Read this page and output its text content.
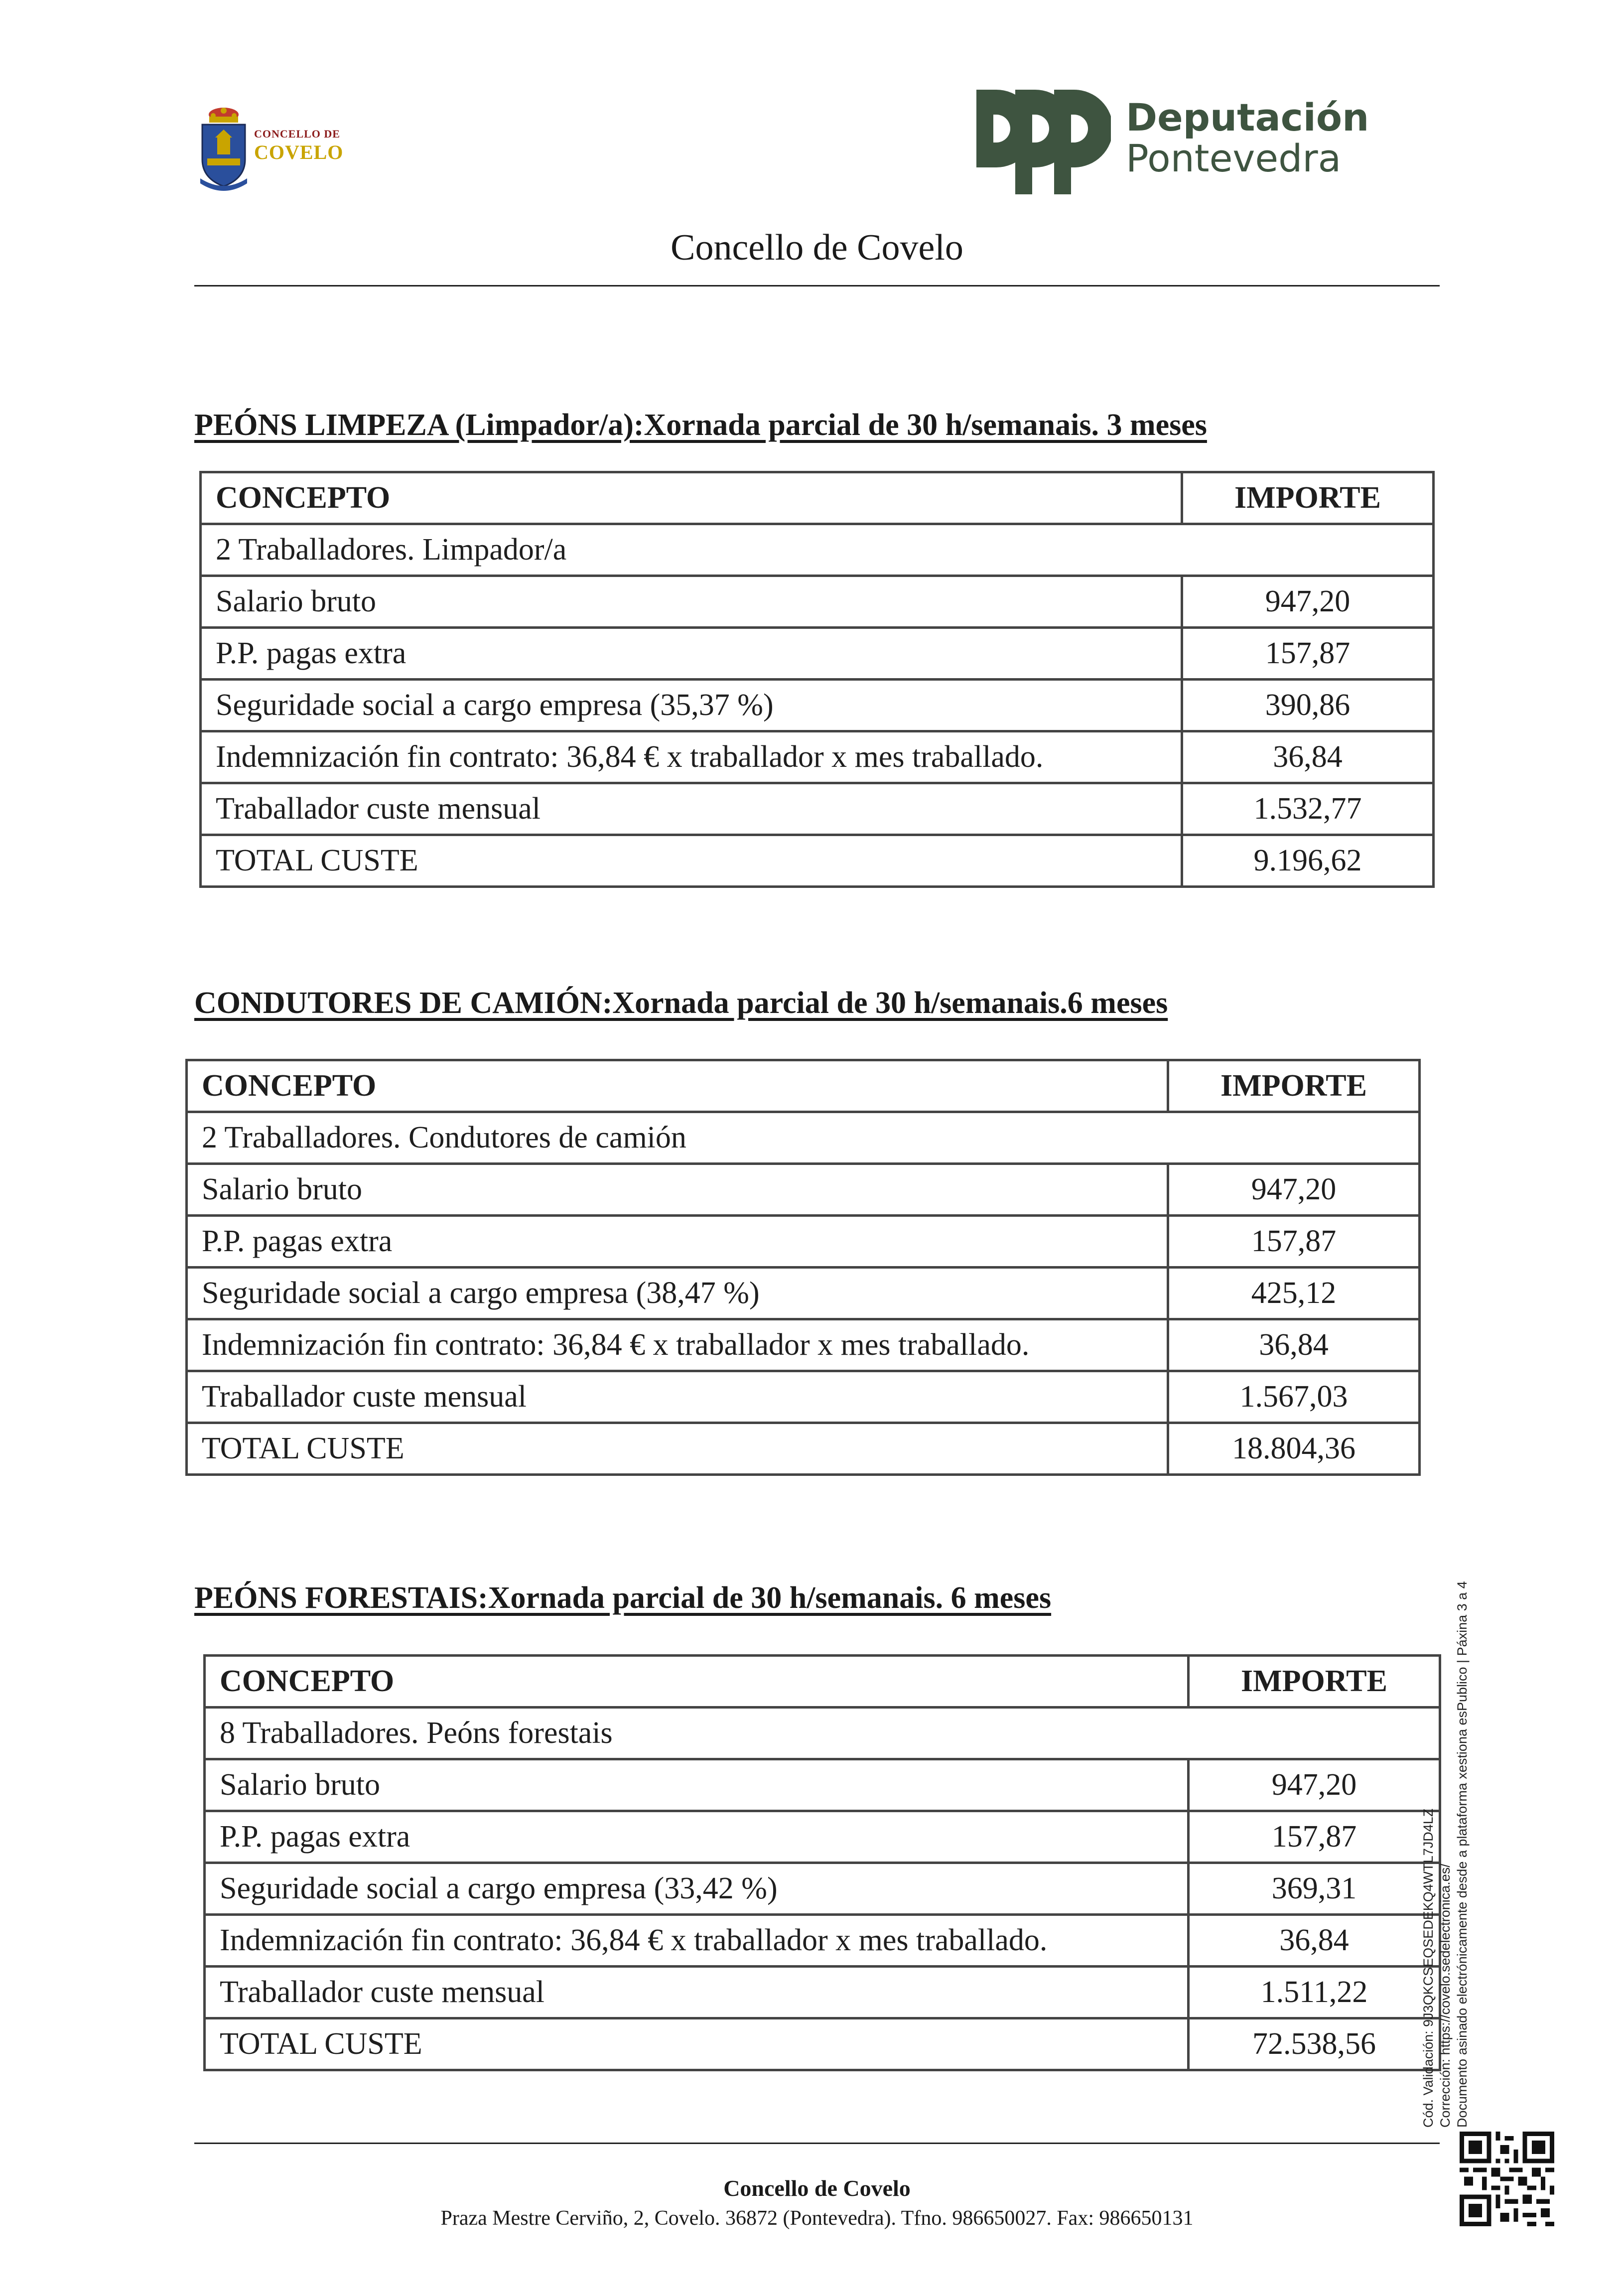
CONCELLO DE
COVELO
Deputación
Pontevedra
Concello de Covelo
PEÓNS LIMPEZA (Limpador/a):Xornada parcial de 30 h/semanais. 3 meses
CONCEPTO	IMPORTE
2 Traballadores. Limpador/a	
Salario bruto	947,20
P.P. pagas extra	157,87
Seguridade social a cargo empresa (35,37 %)	390,86
Indemnización fin contrato: 36,84 € x traballador x mes traballado.	36,84
Traballador custe mensual	1.532,77
TOTAL CUSTE	9.196,62
CONDUTORES DE CAMIÓN:Xornada parcial de 30 h/semanais.6 meses
CONCEPTO	IMPORTE
2 Traballadores. Condutores de camión	
Salario bruto	947,20
P.P. pagas extra	157,87
Seguridade social a cargo empresa (38,47 %)	425,12
Indemnización fin contrato: 36,84 € x traballador x mes traballado.	36,84
Traballador custe mensual	1.567,03
TOTAL CUSTE	18.804,36
PEÓNS FORESTAIS:Xornada parcial de 30 h/semanais. 6 meses
CONCEPTO	IMPORTE
8 Traballadores. Peóns forestais	
Salario bruto	947,20
P.P. pagas extra	157,87
Seguridade social a cargo empresa (33,42 %)	369,31
Indemnización fin contrato: 36,84 € x traballador x mes traballado.	36,84
Traballador custe mensual	1.511,22
TOTAL CUSTE	72.538,56	Cód. Validación: 9J3QKCSEQSEDEKQ4WTL7JD4LZ Corrección: https://covelo.sedelectronica.es/ Documento asinado electrónicamente desde a plataforma xestiona esPublico | Páxina 3 a 4
Concello de Covelo
Praza Mestre Cerviño, 2, Covelo. 36872 (Pontevedra). Tfno. 986650027. Fax: 986650131
